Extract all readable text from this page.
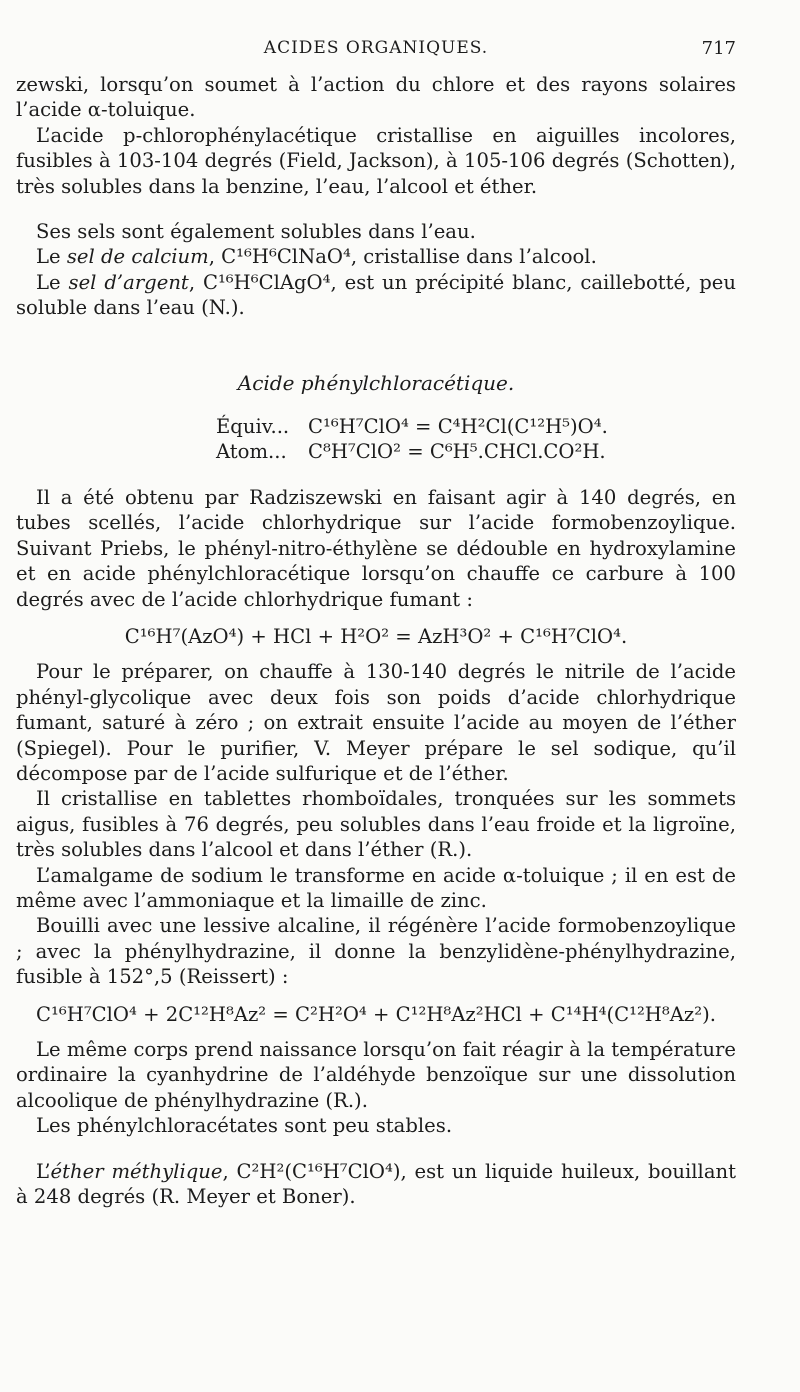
ACIDES ORGANIQUES.	717

zewski, lorsqu’on soumet à l’action du chlore et des rayons solaires l’acide α-toluique.

L’acide p-chlorophénylacétique cristallise en aiguilles incolores, fusibles à 103-104 degrés (Field, Jackson), à 105-106 degrés (Schotten), très solubles dans la benzine, l’eau, l’alcool et éther.

Ses sels sont également solubles dans l’eau.

Le sel de calcium, C¹⁶H⁶ClNaO⁴, cristallise dans l’alcool.

Le sel d’argent, C¹⁶H⁶ClAgO⁴, est un précipité blanc, caillebotté, peu soluble dans l’eau (N.).

Acide phénylchloracétique.
Équiv... C¹⁶H⁷ClO⁴ = C⁴H²Cl(C¹²H⁵)O⁴.
Atom... C⁸H⁷ClO² = C⁶H⁵.CHCl.CO²H.

Il a été obtenu par Radziszewski en faisant agir à 140 degrés, en tubes scellés, l’acide chlorhydrique sur l’acide formobenzoylique. Suivant Priebs, le phényl-nitro-éthylène se dédouble en hydroxylamine et en acide phénylchloracétique lorsqu’on chauffe ce carbure à 100 degrés avec de l’acide chlorhydrique fumant :

C¹⁶H⁷(AzO⁴) + HCl + H²O² = AzH³O² + C¹⁶H⁷ClO⁴.

Pour le préparer, on chauffe à 130-140 degrés le nitrile de l’acide phényl-glycolique avec deux fois son poids d’acide chlorhydrique fumant, saturé à zéro ; on extrait ensuite l’acide au moyen de l’éther (Spiegel). Pour le purifier, V. Meyer prépare le sel sodique, qu’il décompose par de l’acide sulfurique et de l’éther.

Il cristallise en tablettes rhomboïdales, tronquées sur les sommets aigus, fusibles à 76 degrés, peu solubles dans l’eau froide et la ligroïne, très solubles dans l’alcool et dans l’éther (R.).

L’amalgame de sodium le transforme en acide α-toluique ; il en est de même avec l’ammoniaque et la limaille de zinc.

Bouilli avec une lessive alcaline, il régénère l’acide formobenzoylique ; avec la phénylhydrazine, il donne la benzylidène-phénylhydrazine, fusible à 152°,5 (Reissert) :

C¹⁶H⁷ClO⁴ + 2C¹²H⁸Az² = C²H²O⁴ + C¹²H⁸Az²HCl + C¹⁴H⁴(C¹²H⁸Az²).

Le même corps prend naissance lorsqu’on fait réagir à la température ordinaire la cyanhydrine de l’aldéhyde benzoïque sur une dissolution alcoolique de phénylhydrazine (R.).

Les phénylchloracétates sont peu stables.

L’éther méthylique, C²H²(C¹⁶H⁷ClO⁴), est un liquide huileux, bouillant à 248 degrés (R. Meyer et Boner).
